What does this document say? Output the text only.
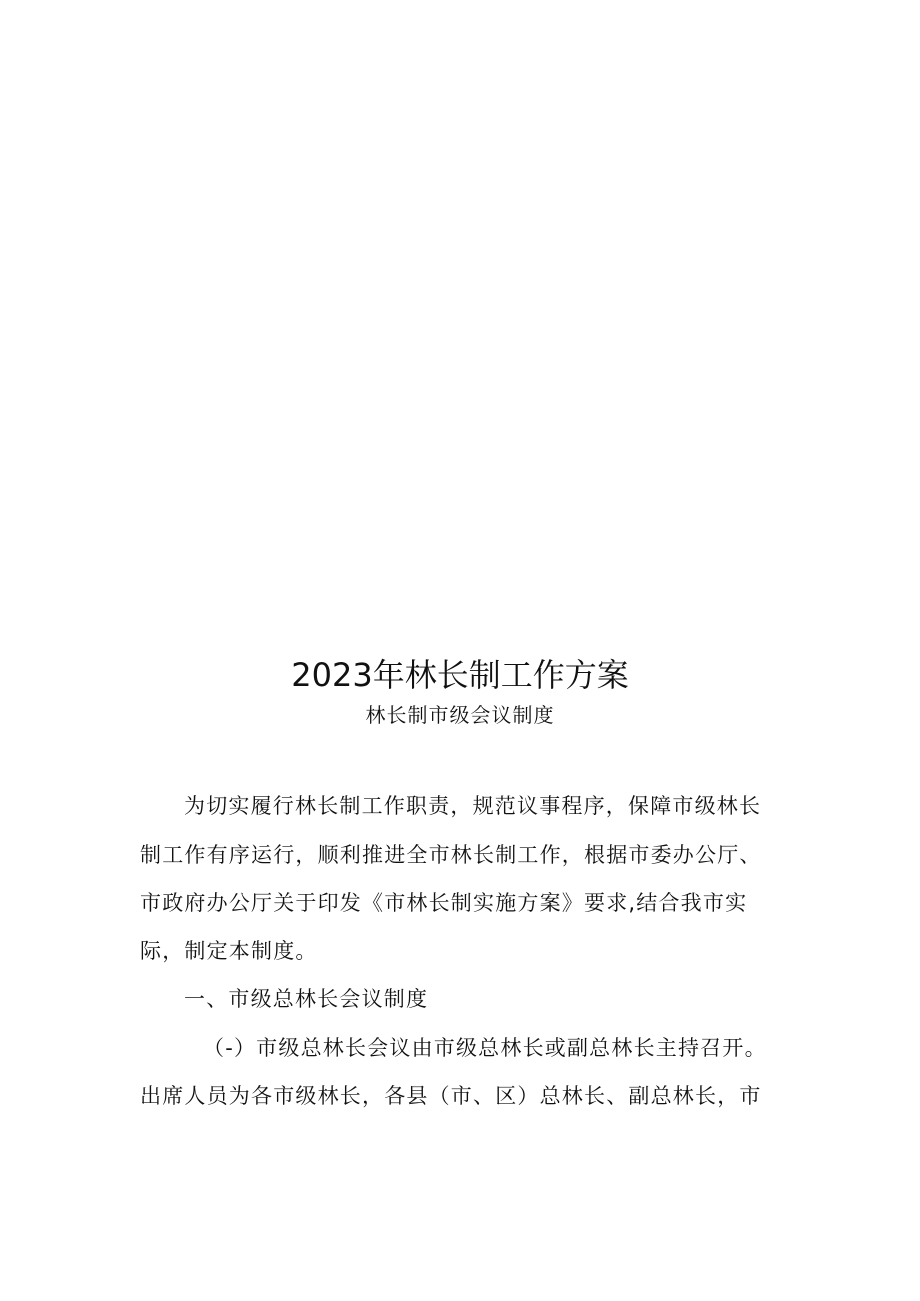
2023年林长制工作方案
林长制市级会议制度
为切实履行林长制工作职责，规范议事程序，保障市级林长
制工作有序运行，顺利推进全市林长制工作，根据市委办公厅、
市政府办公厅关于印发《市林长制实施方案》要求,结合我市实
际，制定本制度。
一、市级总林长会议制度
（-）市级总林长会议由市级总林长或副总林长主持召开。
出席人员为各市级林长，各县（市、区）总林长、副总林长，市
